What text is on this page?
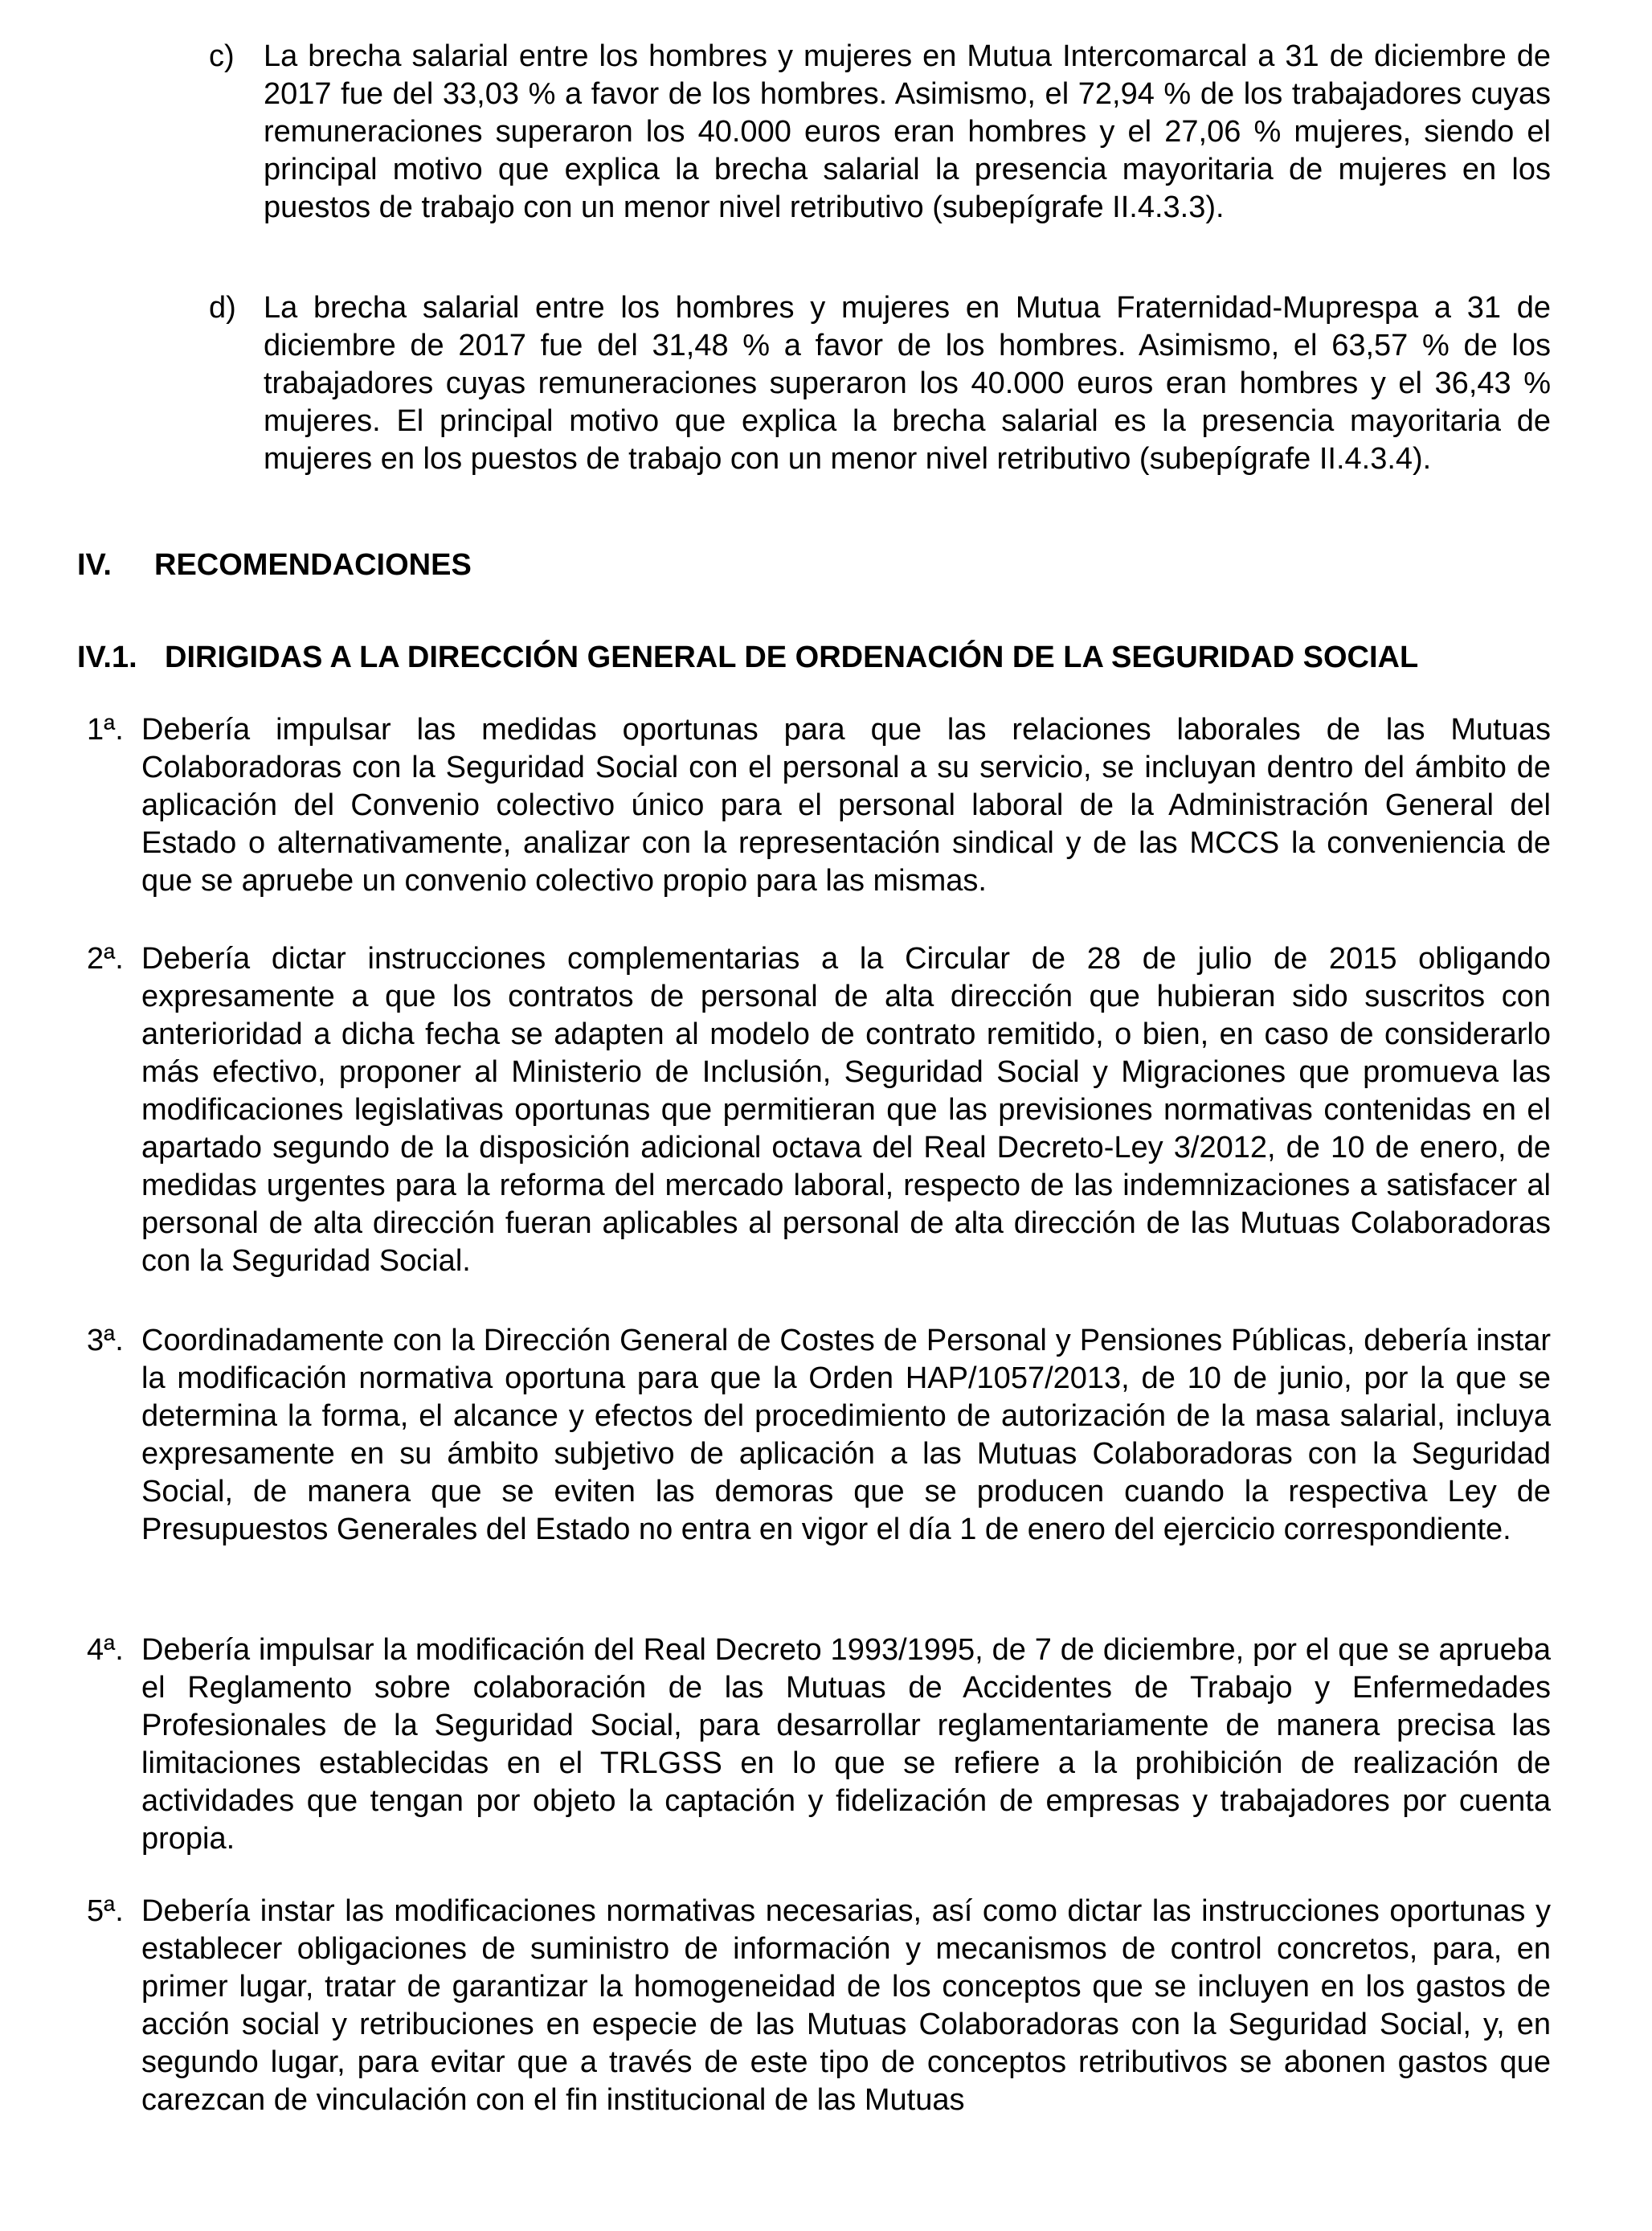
c) La brecha salarial entre los hombres y mujeres en Mutua Intercomarcal a 31 de diciembre de 2017 fue del 33,03 % a favor de los hombres. Asimismo, el 72,94 % de los trabajadores cuyas remuneraciones superaron los 40.000 euros eran hombres y el 27,06 % mujeres, siendo el principal motivo que explica la brecha salarial la presencia mayoritaria de mujeres en los puestos de trabajo con un menor nivel retributivo (subepígrafe II.4.3.3).
d) La brecha salarial entre los hombres y mujeres en Mutua Fraternidad-Muprespa a 31 de diciembre de 2017 fue del 31,48 % a favor de los hombres. Asimismo, el 63,57 % de los trabajadores cuyas remuneraciones superaron los 40.000 euros eran hombres y el 36,43 % mujeres. El principal motivo que explica la brecha salarial es la presencia mayoritaria de mujeres en los puestos de trabajo con un menor nivel retributivo (subepígrafe II.4.3.4).
IV. RECOMENDACIONES
IV.1. DIRIGIDAS A LA DIRECCIÓN GENERAL DE ORDENACIÓN DE LA SEGURIDAD SOCIAL
1ª. Debería impulsar las medidas oportunas para que las relaciones laborales de las Mutuas Colaboradoras con la Seguridad Social con el personal a su servicio, se incluyan dentro del ámbito de aplicación del Convenio colectivo único para el personal laboral de la Administración General del Estado o alternativamente, analizar con la representación sindical y de las MCCS la conveniencia de que se apruebe un convenio colectivo propio para las mismas.
2ª. Debería dictar instrucciones complementarias a la Circular de 28 de julio de 2015 obligando expresamente a que los contratos de personal de alta dirección que hubieran sido suscritos con anterioridad a dicha fecha se adapten al modelo de contrato remitido, o bien, en caso de considerarlo más efectivo, proponer al Ministerio de Inclusión, Seguridad Social y Migraciones que promueva las modificaciones legislativas oportunas que permitieran que las previsiones normativas contenidas en el apartado segundo de la disposición adicional octava del Real Decreto-Ley 3/2012, de 10 de enero, de medidas urgentes para la reforma del mercado laboral, respecto de las indemnizaciones a satisfacer al personal de alta dirección fueran aplicables al personal de alta dirección de las Mutuas Colaboradoras con la Seguridad Social.
3ª. Coordinadamente con la Dirección General de Costes de Personal y Pensiones Públicas, debería instar la modificación normativa oportuna para que la Orden HAP/1057/2013, de 10 de junio, por la que se determina la forma, el alcance y efectos del procedimiento de autorización de la masa salarial, incluya expresamente en su ámbito subjetivo de aplicación a las Mutuas Colaboradoras con la Seguridad Social, de manera que se eviten las demoras que se producen cuando la respectiva Ley de Presupuestos Generales del Estado no entra en vigor el día 1 de enero del ejercicio correspondiente.
4ª. Debería impulsar la modificación del Real Decreto 1993/1995, de 7 de diciembre, por el que se aprueba el Reglamento sobre colaboración de las Mutuas de Accidentes de Trabajo y Enfermedades Profesionales de la Seguridad Social, para desarrollar reglamentariamente de manera precisa las limitaciones establecidas en el TRLGSS en lo que se refiere a la prohibición de realización de actividades que tengan por objeto la captación y fidelización de empresas y trabajadores por cuenta propia.
5ª. Debería instar las modificaciones normativas necesarias, así como dictar las instrucciones oportunas y establecer obligaciones de suministro de información y mecanismos de control concretos, para, en primer lugar, tratar de garantizar la homogeneidad de los conceptos que se incluyen en los gastos de acción social y retribuciones en especie de las Mutuas Colaboradoras con la Seguridad Social, y, en segundo lugar, para evitar que a través de este tipo de conceptos retributivos se abonen gastos que carezcan de vinculación con el fin institucional de las Mutuas
